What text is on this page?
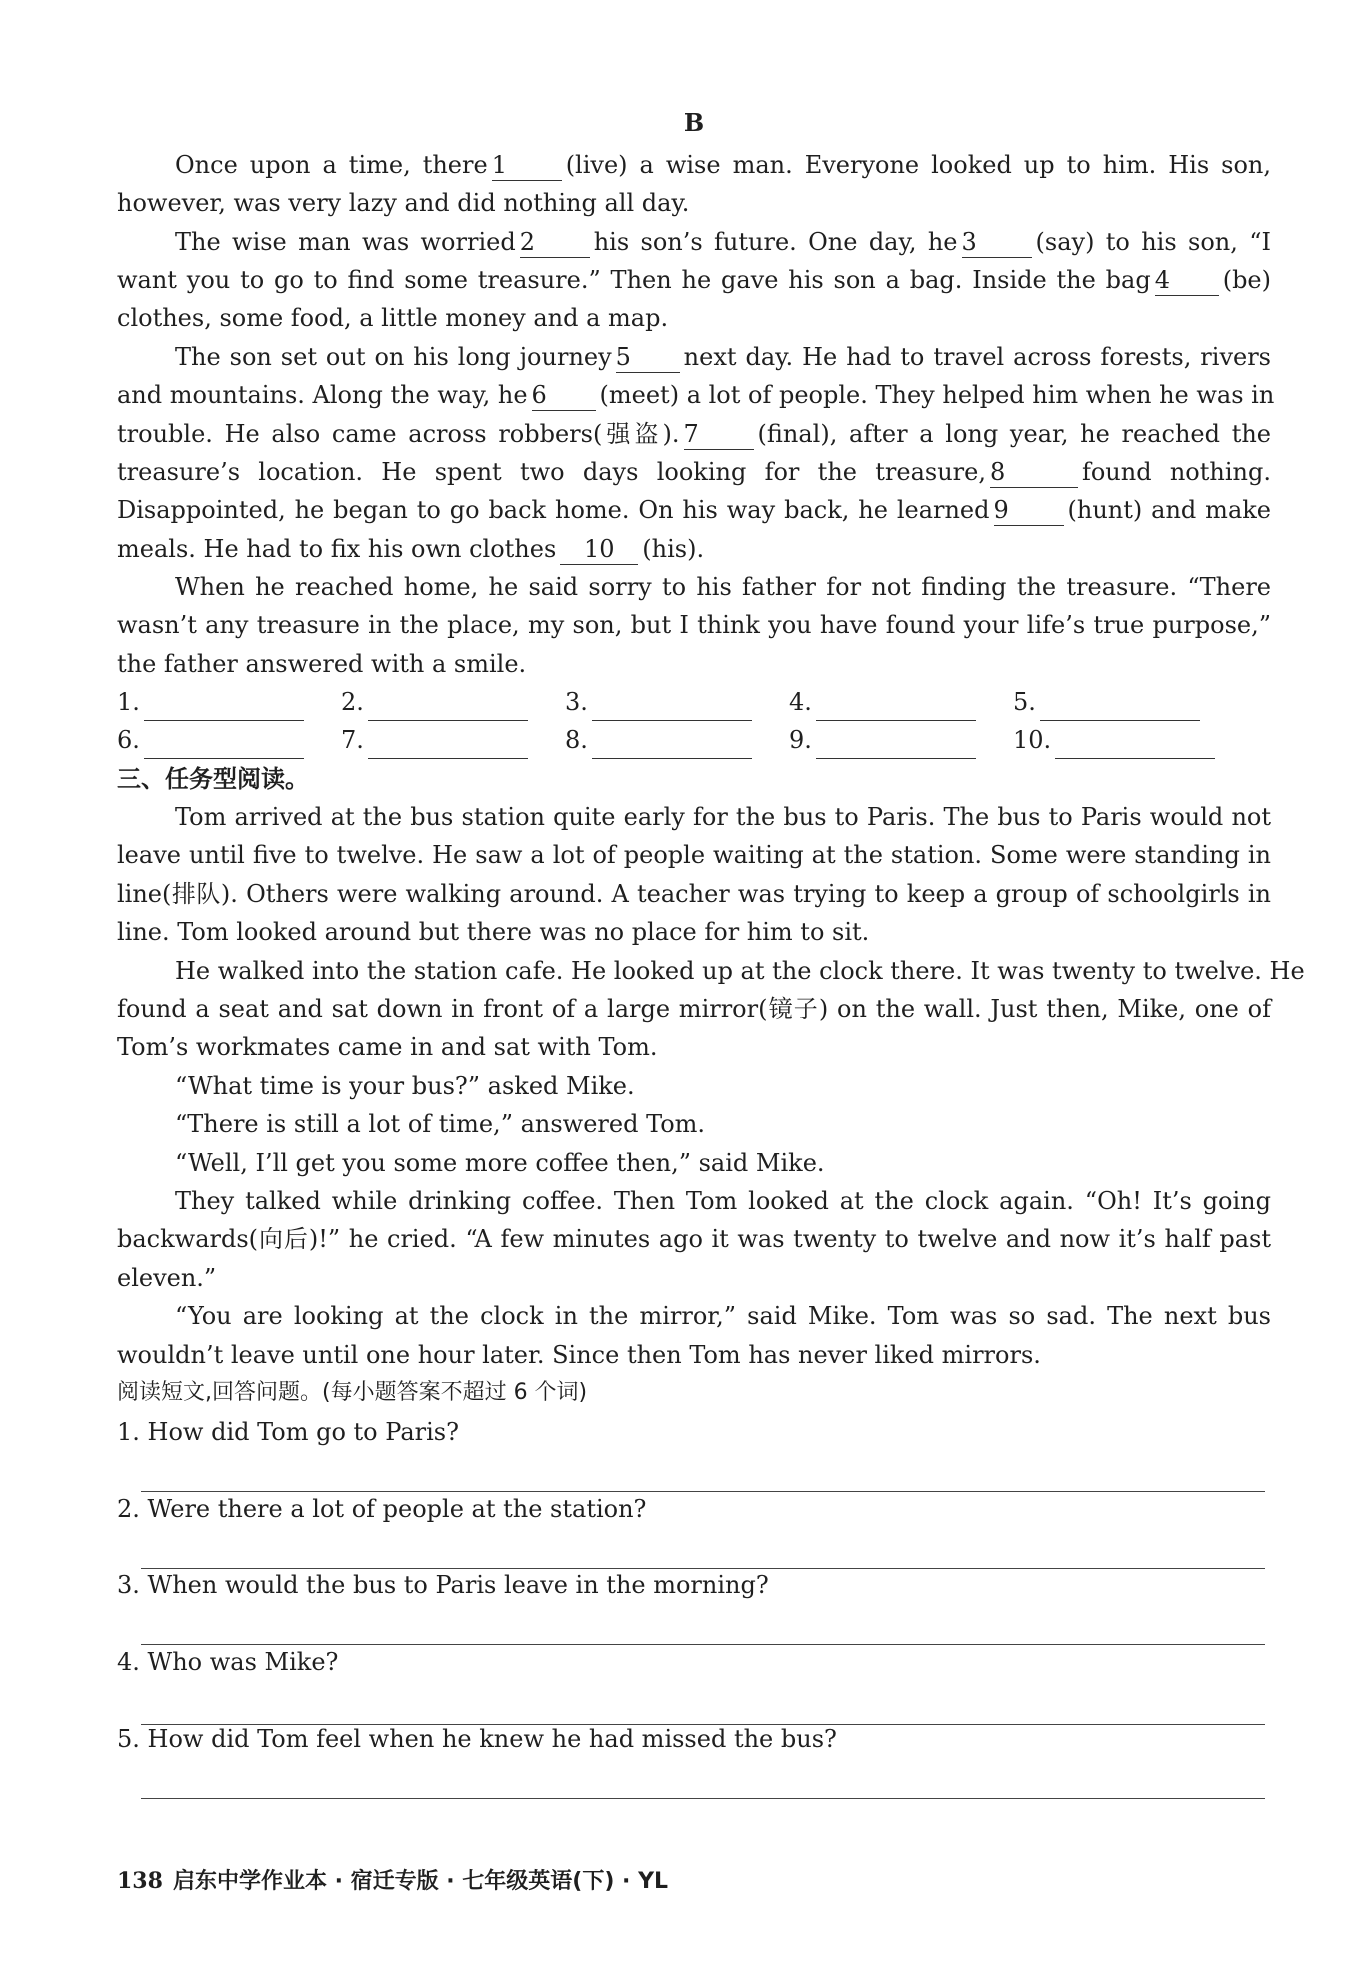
B
Once upon a time, there 1 (live) a wise man. Everyone looked up to him. His son,
however, was very lazy and did nothing all day.
The wise man was worried 2 his son’s future. One day, he 3 (say) to his son, “I
want you to go to find some treasure.” Then he gave his son a bag. Inside the bag 4 (be)
clothes, some food, a little money and a map.
The son set out on his long journey 5 next day. He had to travel across forests, rivers
and mountains. Along the way, he 6 (meet) a lot of people. They helped him when he was in
trouble. He also came across robbers(强盗). 7 (final), after a long year, he reached the
treasure’s location. He spent two days looking for the treasure, 8	found nothing.
Disappointed, he began to go back home. On his way back, he learned 9 (hunt) and make
meals. He had to fix his own clothes 10 (his).
When he reached home, he said sorry to his father for not finding the treasure. “There
wasn’t any treasure in the place, my son, but I think you have found your life’s true purpose,”
the father answered with a smile.
1.	2.	3.	4.	5.
6.	7.	8.	9.	10.
三、任务型阅读。
Tom arrived at the bus station quite early for the bus to Paris. The bus to Paris would not
leave until five to twelve. He saw a lot of people waiting at the station. Some were standing in
line(排队). Others were walking around. A teacher was trying to keep a group of schoolgirls in
line. Tom looked around but there was no place for him to sit.
He walked into the station cafe. He looked up at the clock there. It was twenty to twelve. He
found a seat and sat down in front of a large mirror(镜子) on the wall. Just then, Mike, one of
Tom’s workmates came in and sat with Tom.
“What time is your bus?” asked Mike.
“There is still a lot of time,” answered Tom.
“Well, I’ll get you some more coffee then,” said Mike.
They talked while drinking coffee. Then Tom looked at the clock again. “Oh! It’s going
backwards(向后)!” he cried. “A few minutes ago it was twenty to twelve and now it’s half past
eleven.”
“You are looking at the clock in the mirror,” said Mike. Tom was so sad. The next bus
wouldn’t leave until one hour later. Since then Tom has never liked mirrors.
阅读短文,回答问题。(每小题答案不超过 6 个词)
1. How did Tom go to Paris?
2. Were there a lot of people at the station?
3. When would the bus to Paris leave in the morning?
4. Who was Mike?
5. How did Tom feel when he knew he had missed the bus?
138 启东中学作业本 · 宿迁专版 · 七年级英语(下) · YL
